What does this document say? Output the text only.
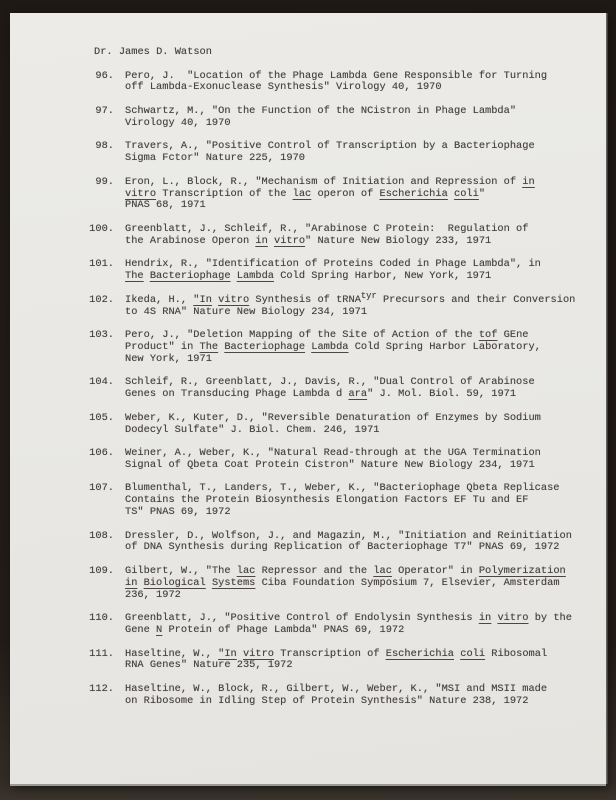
Dr. James D. Watson
96. Pero, J.  "Location of the Phage Lambda Gene Responsible for Turning
off Lambda-Exonuclease Synthesis" Virology 40, 1970
97. Schwartz, M., "On the Function of the NCistron in Phage Lambda"
Virology 40, 1970
98. Travers, A., "Positive Control of Transcription by a Bacteriophage
Sigma Fctor" Nature 225, 1970
99. Eron, L., Block, R., "Mechanism of Initiation and Repression of in
vitro Transcription of the lac operon of Escherichia coli"
PNAS 68, 1971
100. Greenblatt, J., Schleif, R., "Arabinose C Protein:  Regulation of
the Arabinose Operon in vitro" Nature New Biology 233, 1971
101. Hendrix, R., "Identification of Proteins Coded in Phage Lambda", in
The Bacteriophage Lambda Cold Spring Harbor, New York, 1971
102. Ikeda, H., "In vitro Synthesis of tRNAtyr Precursors and their Conversion
to 4S RNA" Nature New Biology 234, 1971
103. Pero, J., "Deletion Mapping of the Site of Action of the tof GEne
Product" in The Bacteriophage Lambda Cold Spring Harbor Laboratory,
New York, 1971
104. Schleif, R., Greenblatt, J., Davis, R., "Dual Control of Arabinose
Genes on Transducing Phage Lambda d ara" J. Mol. Biol. 59, 1971
105. Weber, K., Kuter, D., "Reversible Denaturation of Enzymes by Sodium
Dodecyl Sulfate" J. Biol. Chem. 246, 1971
106. Weiner, A., Weber, K., "Natural Read-through at the UGA Termination
Signal of Qbeta Coat Protein Cistron" Nature New Biology 234, 1971
107. Blumenthal, T., Landers, T., Weber, K., "Bacteriophage Qbeta Replicase
Contains the Protein Biosynthesis Elongation Factors EF Tu and EF
TS" PNAS 69, 1972
108. Dressler, D., Wolfson, J., and Magazin, M., "Initiation and Reinitiation
of DNA Synthesis during Replication of Bacteriophage T7" PNAS 69, 1972
109. Gilbert, W., "The lac Repressor and the lac Operator" in Polymerization
in Biological Systems Ciba Foundation Symposium 7, Elsevier, Amsterdam
236, 1972
110. Greenblatt, J., "Positive Control of Endolysin Synthesis in vitro by the
Gene N Protein of Phage Lambda" PNAS 69, 1972
111. Haseltine, W., "In vitro Transcription of Escherichia coli Ribosomal
RNA Genes" Nature 235, 1972
112. Haseltine, W., Block, R., Gilbert, W., Weber, K., "MSI and MSII made
on Ribosome in Idling Step of Protein Synthesis" Nature 238, 1972
